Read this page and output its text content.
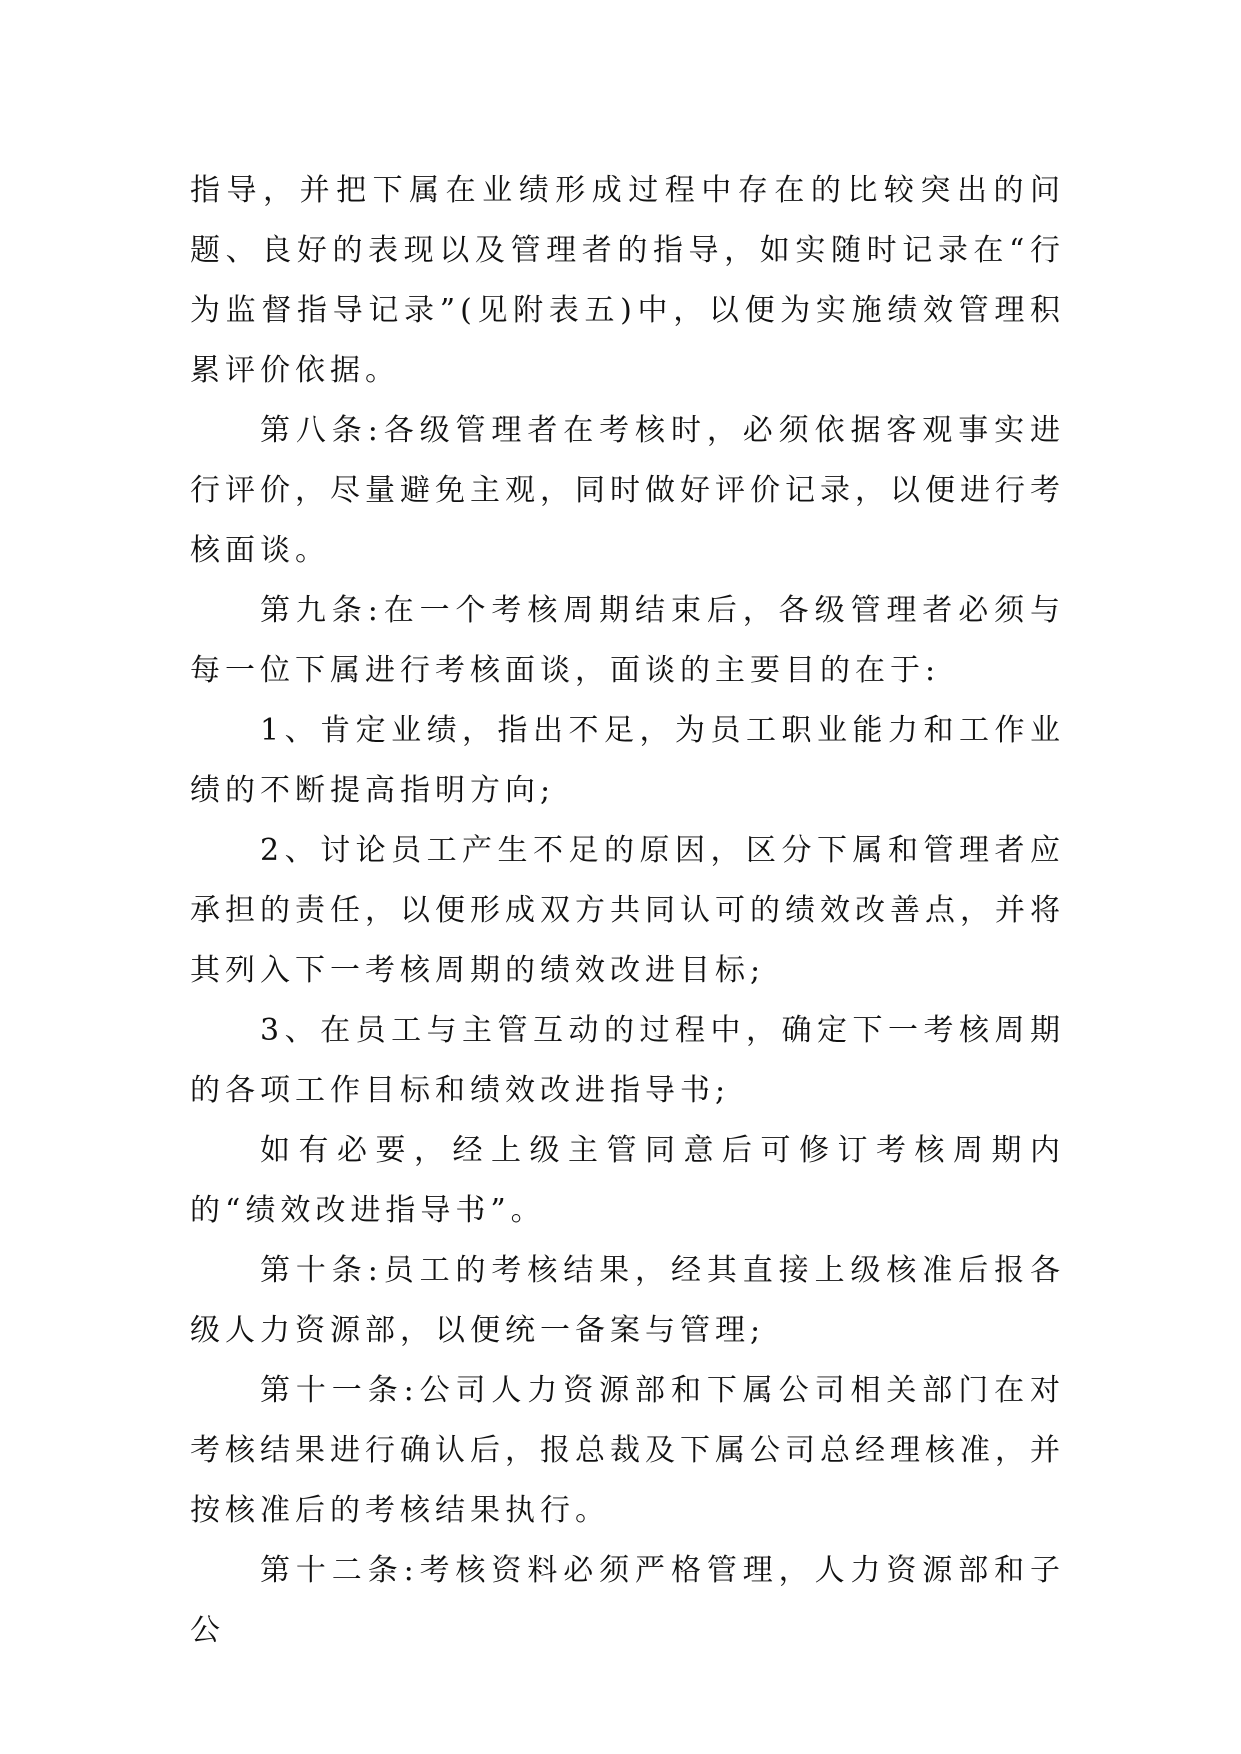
指导，并把下属在业绩形成过程中存在的比较突出的问题、良好的表现以及管理者的指导，如实随时记录在“行为监督指导记录”(见附表五)中，以便为实施绩效管理积累评价依据。

第八条:各级管理者在考核时，必须依据客观事实进行评价，尽量避免主观，同时做好评价记录，以便进行考核面谈。

第九条:在一个考核周期结束后，各级管理者必须与每一位下属进行考核面谈，面谈的主要目的在于:

1、肯定业绩，指出不足，为员工职业能力和工作业绩的不断提高指明方向;

2、讨论员工产生不足的原因，区分下属和管理者应承担的责任，以便形成双方共同认可的绩效改善点，并将其列入下一考核周期的绩效改进目标;

3、在员工与主管互动的过程中，确定下一考核周期的各项工作目标和绩效改进指导书;

如有必要，经上级主管同意后可修订考核周期内的“绩效改进指导书”。

第十条:员工的考核结果，经其直接上级核准后报各级人力资源部，以便统一备案与管理;

第十一条:公司人力资源部和下属公司相关部门在对考核结果进行确认后，报总裁及下属公司总经理核准，并按核准后的考核结果执行。

第十二条:考核资料必须严格管理，人力资源部和子公
